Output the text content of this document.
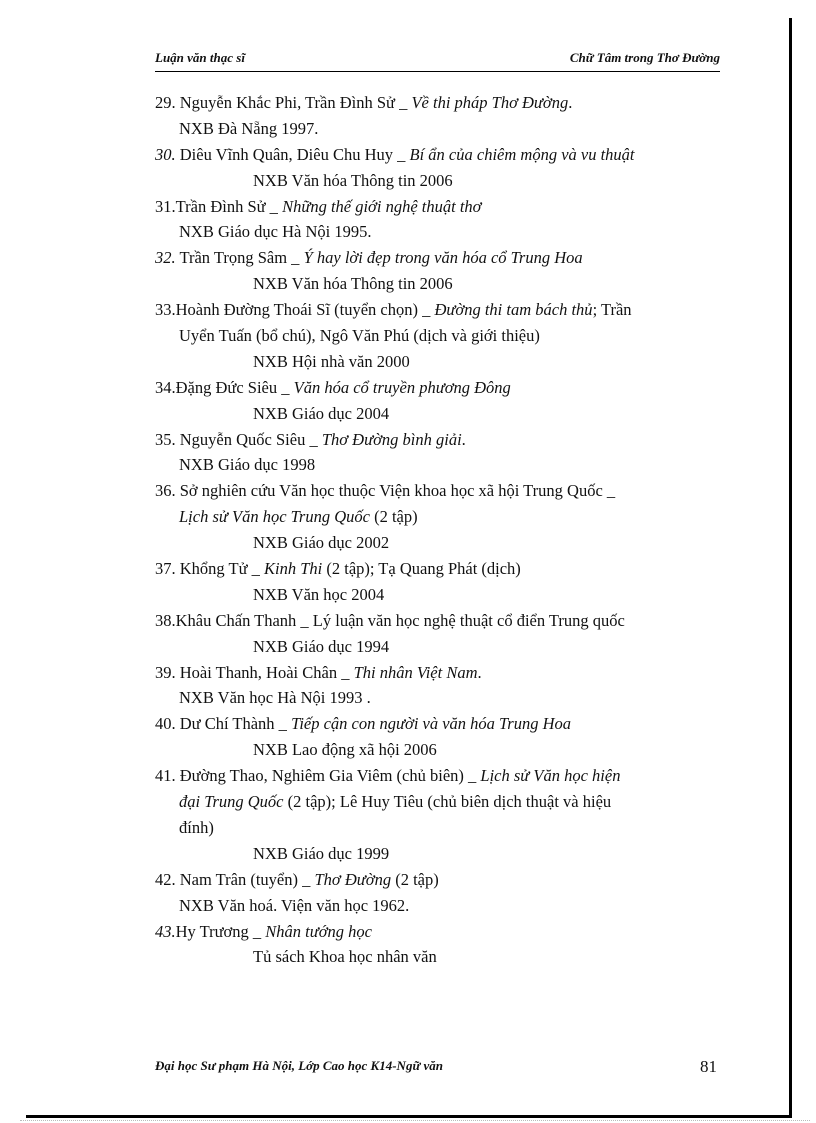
Luận văn thạc sĩ	Chữ Tâm trong Thơ Đường
29. Nguyễn Khắc Phi, Trần Đình Sử _ Về thi pháp Thơ Đường.
NXB Đà Nẵng 1997.
30. Diêu Vĩnh Quân, Diêu Chu Huy _ Bí ẩn của chiêm mộng và vu thuật
NXB Văn hóa Thông tin 2006
31.Trần Đình Sử _ Những thế giới nghệ thuật thơ
NXB Giáo dục Hà Nội 1995.
32. Trần Trọng Sâm _ Ý hay lời đẹp trong văn hóa cổ Trung Hoa
NXB Văn hóa Thông tin 2006
33.Hoành Đường Thoái Sĩ (tuyển chọn) _ Đường thi tam bách thủ; Trần
Uyển Tuấn (bổ chú), Ngô Văn Phú (dịch và giới thiệu)
NXB Hội nhà văn 2000
34.Đặng Đức Siêu _ Văn hóa cổ truyền phương Đông
NXB Giáo dục 2004
35. Nguyễn Quốc Siêu _ Thơ Đường bình giải.
NXB Giáo dục 1998
36. Sở nghiên cứu Văn học thuộc Viện khoa học xã hội Trung Quốc _
Lịch sử Văn học Trung Quốc (2 tập)
NXB Giáo dục 2002
37. Khổng Tử _ Kinh Thi (2 tập); Tạ Quang Phát (dịch)
NXB Văn học 2004
38.Khâu Chấn Thanh _ Lý luận văn học nghệ thuật cổ điển Trung quốc
NXB Giáo dục 1994
39. Hoài Thanh, Hoài Chân _ Thi nhân Việt Nam.
NXB Văn học Hà Nội 1993 .
40. Dư Chí Thành _ Tiếp cận con người và văn hóa Trung Hoa
NXB Lao động xã hội 2006
41. Đường Thao, Nghiêm Gia Viêm (chủ biên) _ Lịch sử Văn học hiện
đại Trung Quốc (2 tập); Lê Huy Tiêu (chủ biên dịch thuật và hiệu
đính)
NXB Giáo dục 1999
42. Nam Trân (tuyển) _ Thơ Đường (2 tập)
NXB Văn hoá. Viện văn học 1962.
43.Hy Trương _ Nhân tướng học
Tủ sách Khoa học nhân văn
Đại học Sư phạm Hà Nội, Lớp Cao học K14-Ngữ văn	81
